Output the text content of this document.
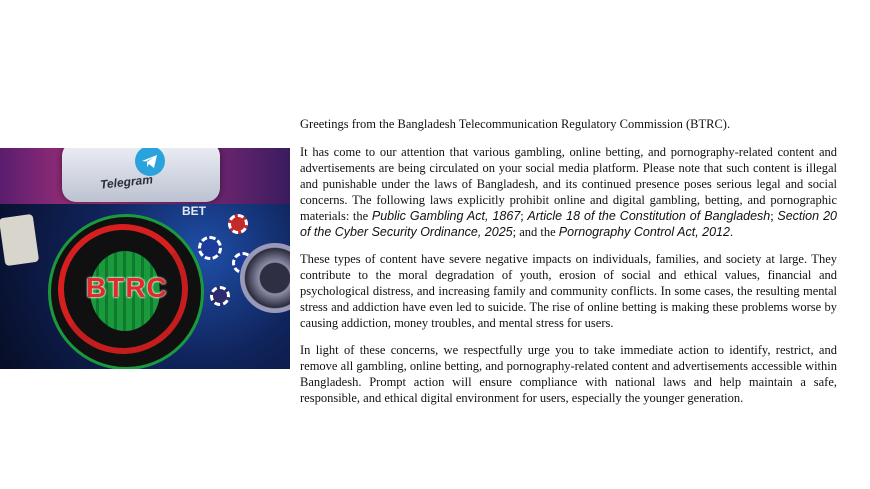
Telegram
BET
BTRC

Greetings from the Bangladesh Telecommunication Regulatory Commission (BTRC).

It has come to our attention that various gambling, online betting, and pornography-related content and advertisements are being circulated on your social media platform. Please note that such content is illegal and punishable under the laws of Bangladesh, and its continued presence poses serious legal and social concerns. The following laws explicitly prohibit online and digital gambling, betting, and pornographic materials: the Public Gambling Act, 1867; Article 18 of the Constitution of Bangladesh; Section 20 of the Cyber Security Ordinance, 2025; and the Pornography Control Act, 2012.

These types of content have severe negative impacts on individuals, families, and society at large. They contribute to the moral degradation of youth, erosion of social and ethical values, financial and psychological distress, and increasing family and community conflicts. In some cases, the resulting mental stress and addiction have even led to suicide. The rise of online betting is making these problems worse by causing addiction, money troubles, and mental stress for users.

In light of these concerns, we respectfully urge you to take immediate action to identify, restrict, and remove all gambling, online betting, and pornography-related content and advertisements accessible within Bangladesh. Prompt action will ensure compliance with national laws and help maintain a safe, responsible, and ethical digital environment for users, especially the younger generation.
